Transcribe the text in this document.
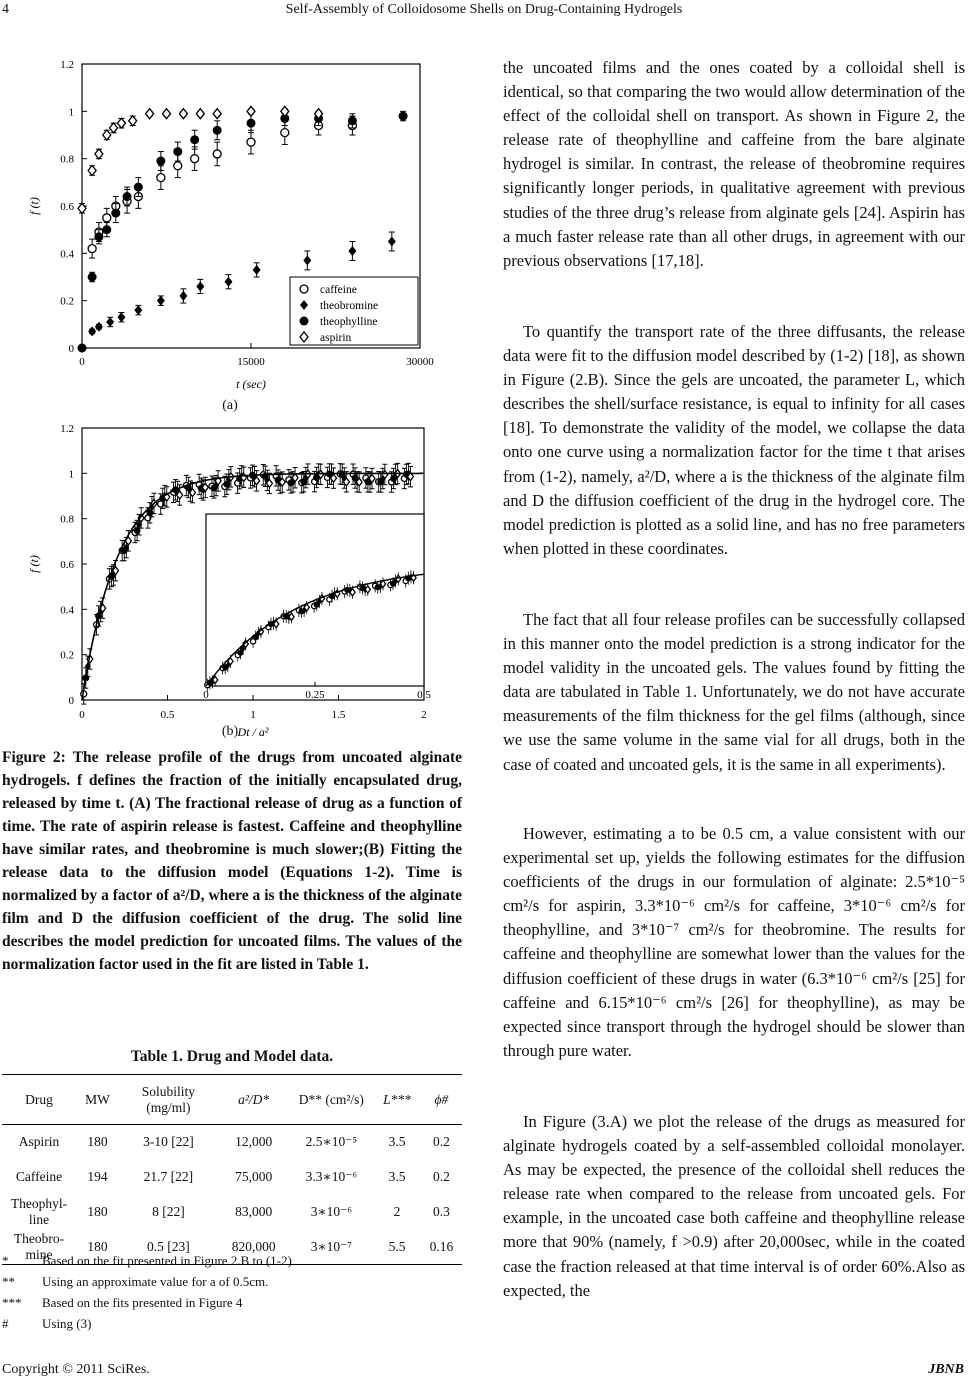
4	Self-Assembly of Colloidosome Shells on Drug-Containing Hydrogels
0
0.2
0.4
0.6
0.8
1
1.2
0	15000	30000
t (sec)
f (t)
caffeine
theobromine
theophylline
aspirin
(a)
0
0.2
0.4
0.6
0.8
1
1.2
0	0.5	1	1.5	2
Dt / a²
f (t)
0	0.25	0.5
(b)
Figure 2: The release profile of the drugs from uncoated alginate hydrogels. f defines the fraction of the initially encapsulated drug, released by time t. (A) The fractional release of drug as a function of time. The rate of aspirin release is fastest. Caffeine and theophylline have similar rates, and theobromine is much slower;(B) Fitting the release data to the diffusion model (Equations 1-2). Time is normalized by a factor of a²/D, where a is the thickness of the alginate film and D the diffusion coefficient of the drug. The solid line describes the model prediction for uncoated films. The values of the normalization factor used in the fit are listed in Table 1.
Table 1. Drug and Model data.
Drug	MW	Solubility (mg/ml)	a²/D*	D** (cm²/s)	L***	ϕ#
Aspirin	180	3-10 [22]	12,000	2.5∗10⁻⁵	3.5	0.2
Caffeine	194	21.7 [22]	75,000	3.3∗10⁻⁶	3.5	0.2
Theophyl-line	180	8 [22]	83,000	3∗10⁻⁶	2	0.3
Theobro-mine	180	0.5 [23]	820,000	3∗10⁻⁷	5.5	0.16
*	Based on the fit presented in Figure 2.B to (1-2)
** Using an approximate value for a of 0.5cm.
*** Based on the fits presented in Figure 4
#	Using (3)

the uncoated films and the ones coated by a colloidal shell is identical, so that comparing the two would allow determination of the effect of the colloidal shell on transport. As shown in Figure 2, the release rate of theophylline and caffeine from the bare alginate hydrogel is similar. In contrast, the release of theobromine requires significantly longer periods, in qualitative agreement with previous studies of the three drug’s release from alginate gels [24]. Aspirin has a much faster release rate than all other drugs, in agreement with our previous observations [17,18].

To quantify the transport rate of the three diffusants, the release data were fit to the diffusion model described by (1-2) [18], as shown in Figure (2.B). Since the gels are uncoated, the parameter L, which describes the shell/surface resistance, is equal to infinity for all cases [18]. To demonstrate the validity of the model, we collapse the data onto one curve using a normalization factor for the time t that arises from (1-2), namely, a²/D, where a is the thickness of the alginate film and D the diffusion coefficient of the drug in the hydrogel core. The model prediction is plotted as a solid line, and has no free parameters when plotted in these coordinates.

The fact that all four release profiles can be successfully collapsed in this manner onto the model prediction is a strong indicator for the model validity in the uncoated gels. The values found by fitting the data are tabulated in Table 1. Unfortunately, we do not have accurate measurements of the film thickness for the gel films (although, since we use the same volume in the same vial for all drugs, both in the case of coated and uncoated gels, it is the same in all experiments).

However, estimating a to be 0.5 cm, a value consistent with our experimental set up, yields the following estimates for the diffusion coefficients of the drugs in our formulation of alginate: 2.5*10⁻⁵ cm²/s for aspirin, 3.3*10⁻⁶ cm²/s for caffeine, 3*10⁻⁶ cm²/s for theophylline, and 3*10⁻⁷ cm²/s for theobromine. The results for caffeine and theophylline are somewhat lower than the values for the diffusion coefficient of these drugs in water (6.3*10⁻⁶ cm²/s [25] for caffeine and 6.15*10⁻⁶ cm²/s [26] for theophylline), as may be expected since transport through the hydrogel should be slower than through pure water.

In Figure (3.A) we plot the release of the drugs as measured for alginate hydrogels coated by a self-assembled colloidal monolayer. As may be expected, the presence of the colloidal shell reduces the release rate when compared to the release from uncoated gels. For example, in the uncoated case both caffeine and theophylline release more that 90% (namely, f >0.9) after 20,000sec, while in the coated case the fraction released at that time interval is of order 60%.Also as expected, the

Copyright © 2011 SciRes.	JBNB
